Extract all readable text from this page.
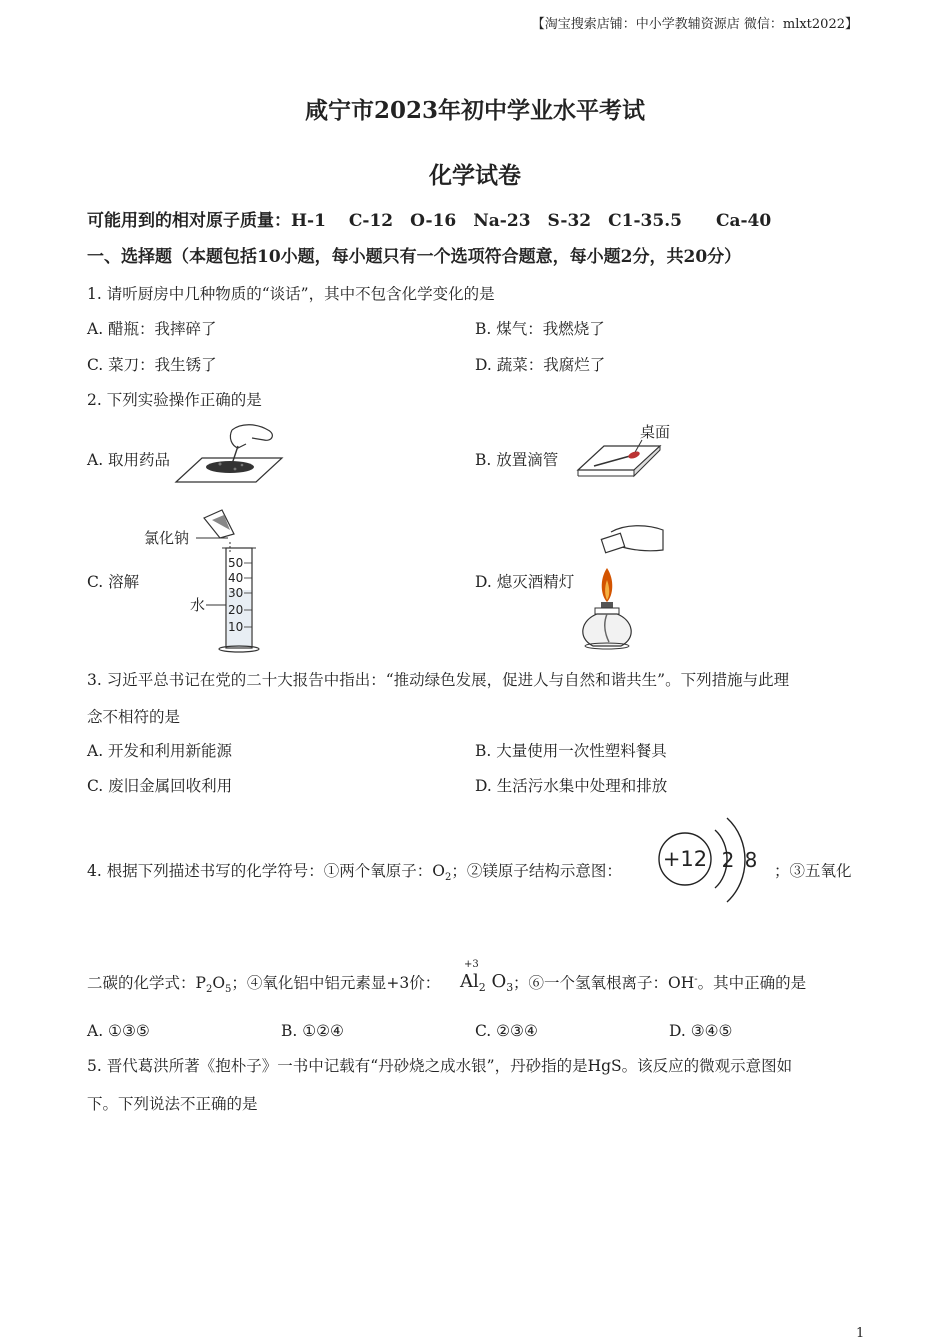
【淘宝搜索店铺：中小学教辅资源店 微信：mlxt2022】
咸宁市2023年初中学业水平考试
化学试卷
可能用到的相对原子质量：H-1　 C-12　O-16　Na-23　S-32　C1-35.5　　Ca-40
一、选择题（本题包括10小题，每小题只有一个选项符合题意，每小题2分，共20分）
1. 请听厨房中几种物质的“谈话”，其中不包含化学变化的是
A. 醋瓶：我摔碎了	B. 煤气：我燃烧了
C. 菜刀：我生锈了	D. 蔬菜：我腐烂了
2. 下列实验操作正确的是
A. 取用药品	B. 放置滴管
C. 溶解	D. 熄灭酒精灯
桌面
氯化钠
50
40
30
20
10
水
3. 习近平总书记在党的二十大报告中指出：“推动绿色发展，促进人与自然和谐共生”。下列措施与此理
念不相符的是
A. 开发和利用新能源	B. 大量使用一次性塑料餐具
C. 废旧金属回收利用	D. 生活污水集中处理和排放
4. 根据下列描述书写的化学符号：①两个氧原子：$O_2$；②镁原子结构示意图： +12 2 8 ；③五氧化
二碳的化学式：$P_2O_5$；④氧化铝中铝元素显+3价：
+3
$Al_2$ $O_3$ ；⑥一个氢氧根离子：OH-。其中正确的是
A. ①③⑤	B. ①②④	C. ②③④	D. ③④⑤
5. 晋代葛洪所著《抱朴子》一书中记载有“丹砂烧之成水银”，丹砂指的是HgS。该反应的微观示意图如
下。下列说法不正确的是
1
